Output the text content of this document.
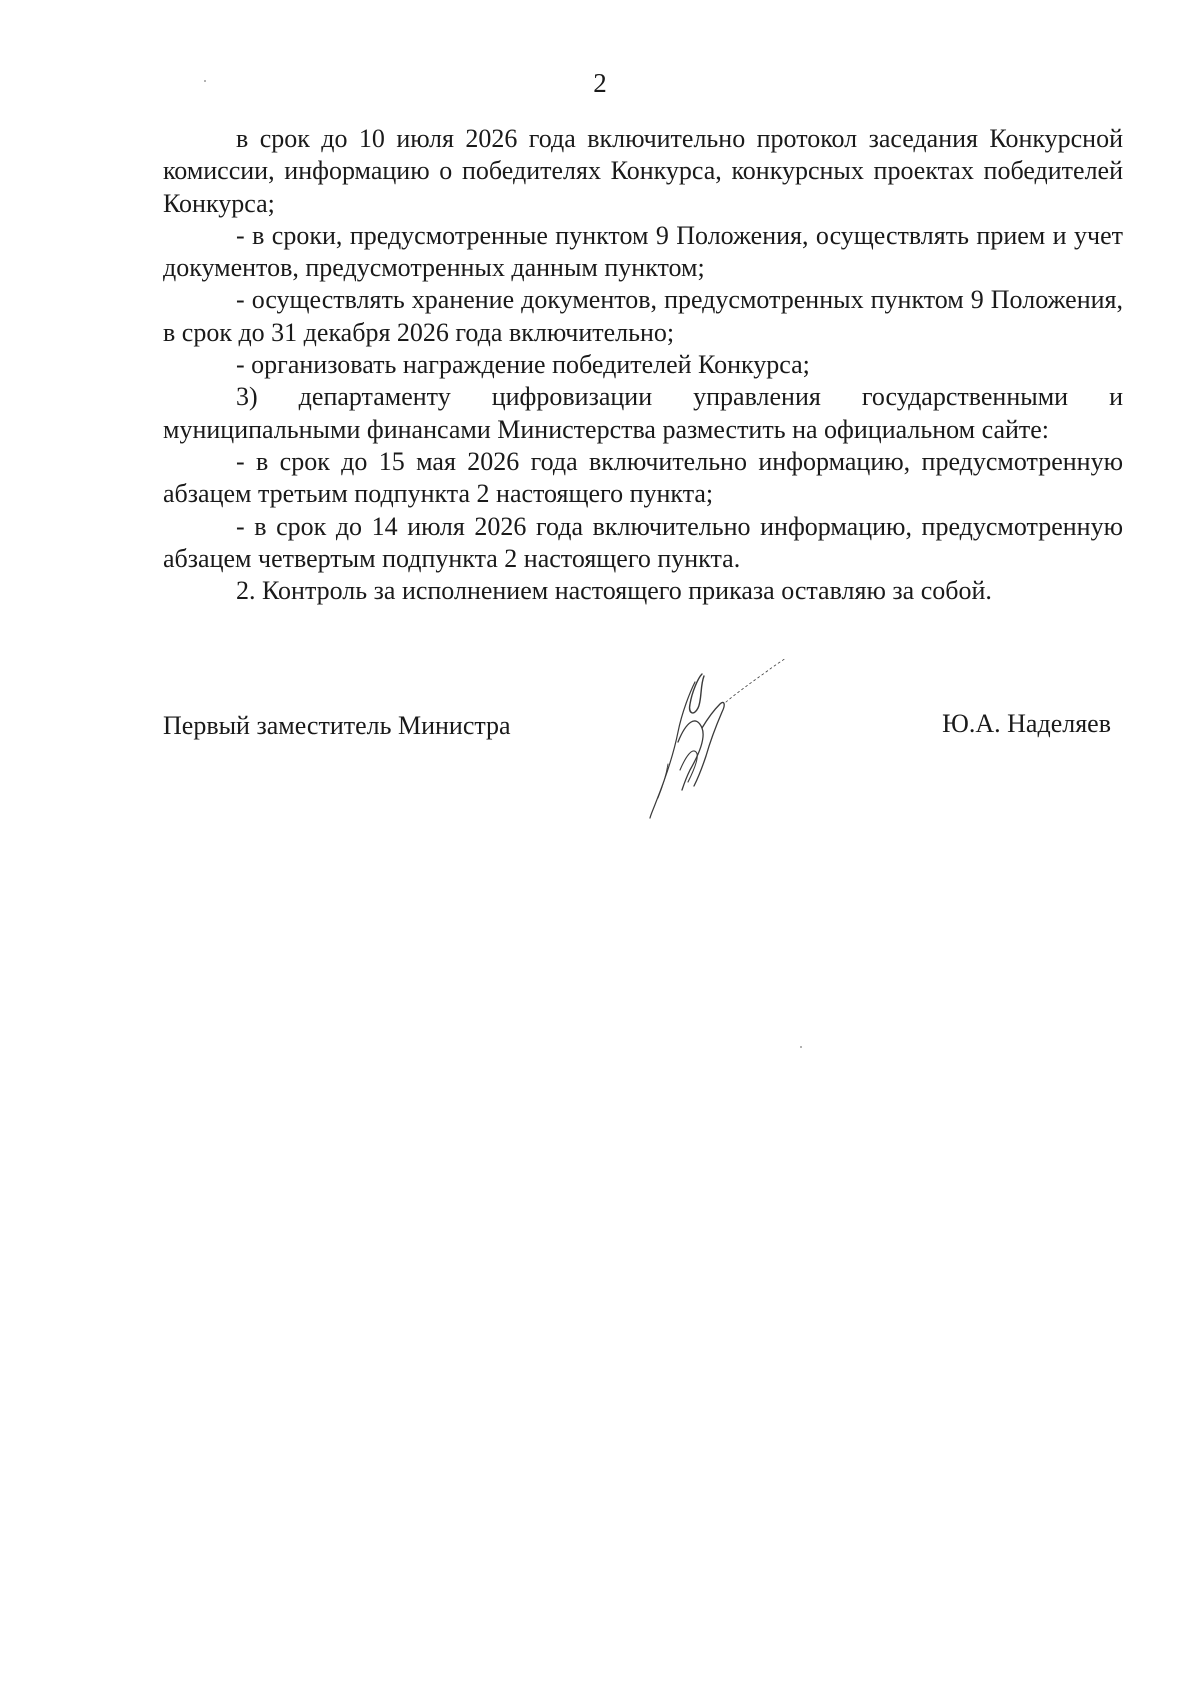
2

в срок до 10 июля 2026 года включительно протокол заседания Конкурсной комиссии, информацию о победителях Конкурса, конкурсных проектах победителей Конкурса;

- в сроки, предусмотренные пунктом 9 Положения, осуществлять прием и учет документов, предусмотренных данным пунктом;

- осуществлять хранение документов, предусмотренных пунктом 9 Положения, в срок до 31 декабря 2026 года включительно;

- организовать награждение победителей Конкурса;

3) департаменту цифровизации управления государственными и муниципальными финансами Министерства разместить на официальном сайте:

- в срок до 15 мая 2026 года включительно информацию, предусмотренную абзацем третьим подпункта 2 настоящего пункта;

- в срок до 14 июля 2026 года включительно информацию, предусмотренную абзацем четвертым подпункта 2 настоящего пункта.

2. Контроль за исполнением настоящего приказа оставляю за собой.

Первый заместитель Министра	Ю.А. Наделяев
